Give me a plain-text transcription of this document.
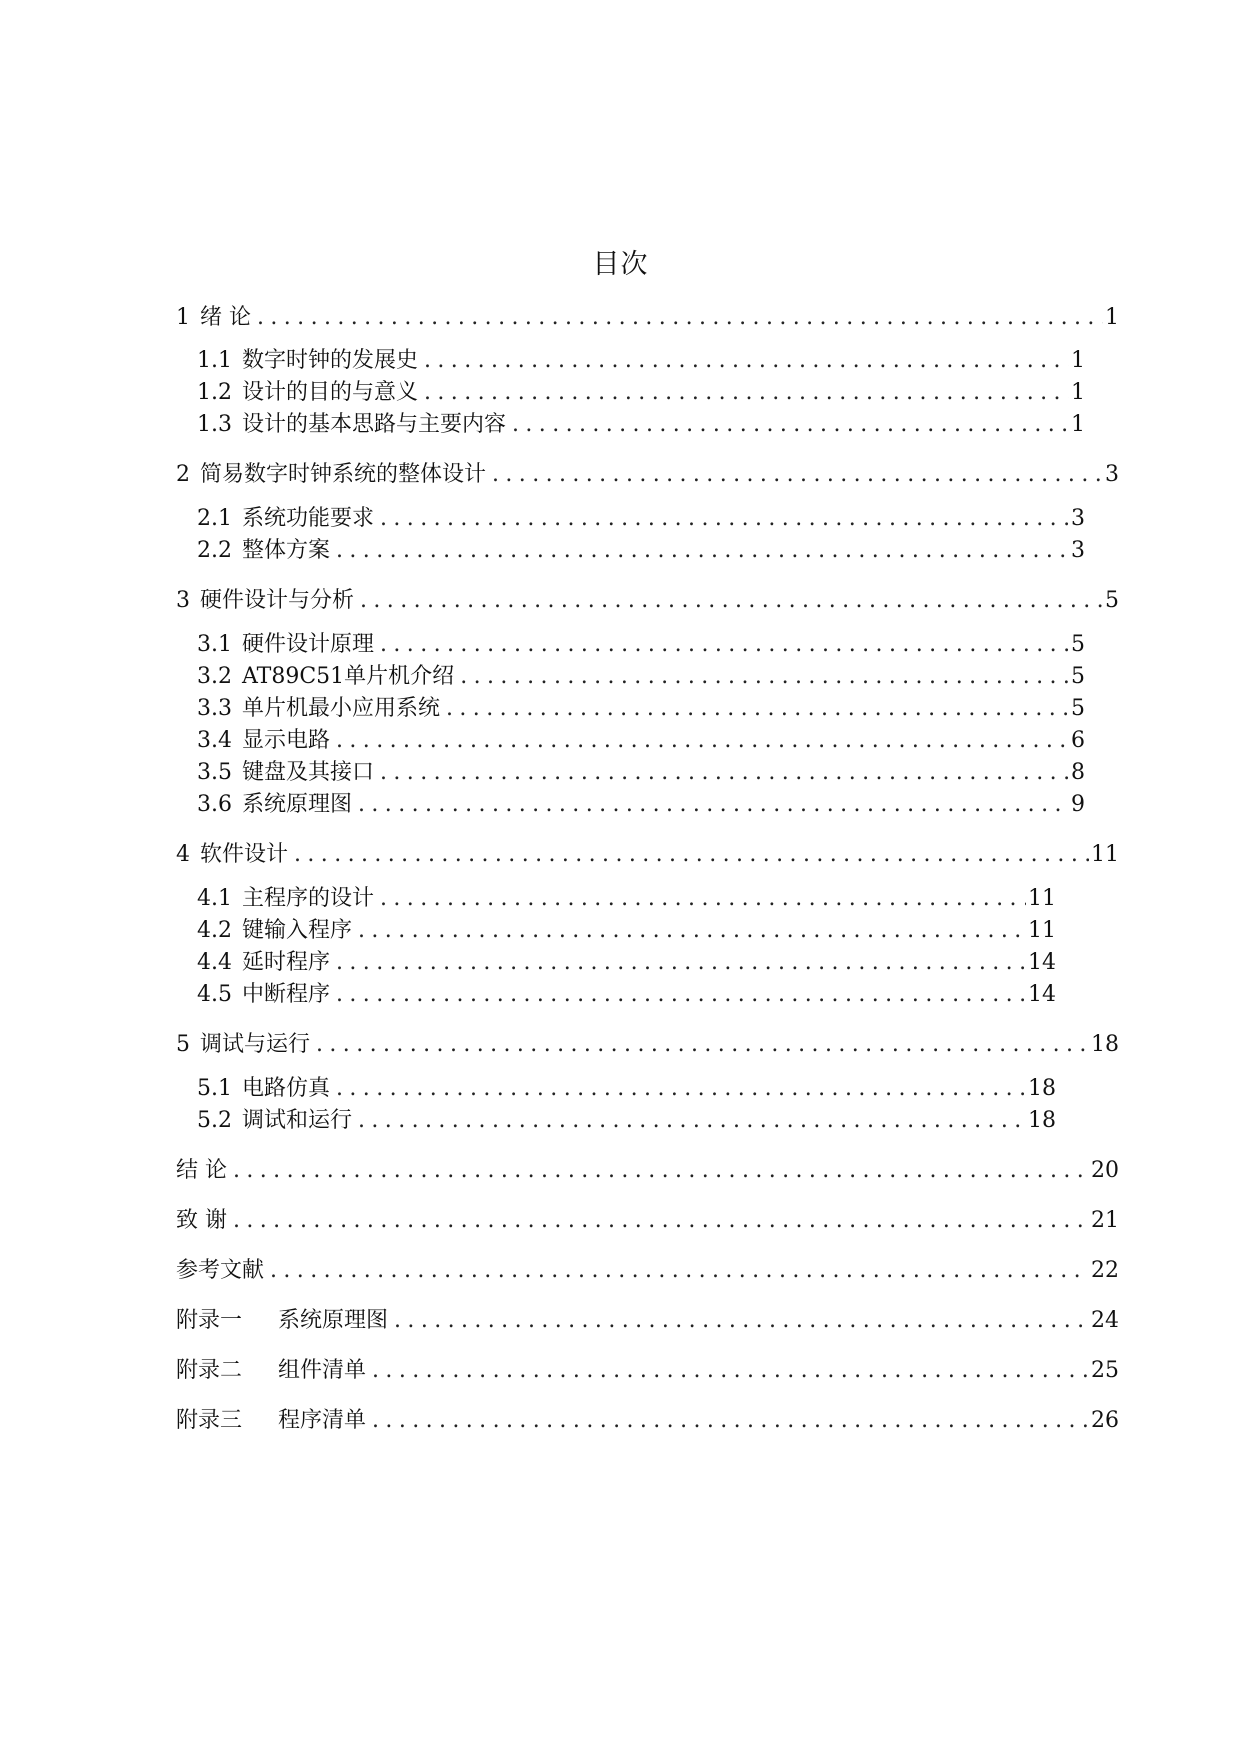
目次
1 绪 论 .....	1
1.1 数字时钟的发展史 .....	1
1.2 设计的目的与意义 .....	1
1.3 设计的基本思路与主要内容 .....	1
2 简易数字时钟系统的整体设计 .....	3
2.1 系统功能要求 .....	3
2.2 整体方案 .....	3
3 硬件设计与分析 .....	5
3.1 硬件设计原理 .....	5
3.2 AT89C51单片机介绍 .....	5
3.3 单片机最小应用系统 .....	5
3.4 显示电路 .....	6
3.5 键盘及其接口 .....	8
3.6 系统原理图 .....	9
4 软件设计 .....	11
4.1 主程序的设计 .....	11
4.2 键输入程序 .....	11
4.4 延时程序 .....	14
4.5 中断程序 .....	14
5 调试与运行 .....	18
5.1 电路仿真 .....	18
5.2 调试和运行 .....	18
结 论 .....	20
致 谢 .....	21
参考文献 .....	22
附录一 系统原理图 .....	24
附录二 组件清单 .....	25
附录三 程序清单 .....	26
